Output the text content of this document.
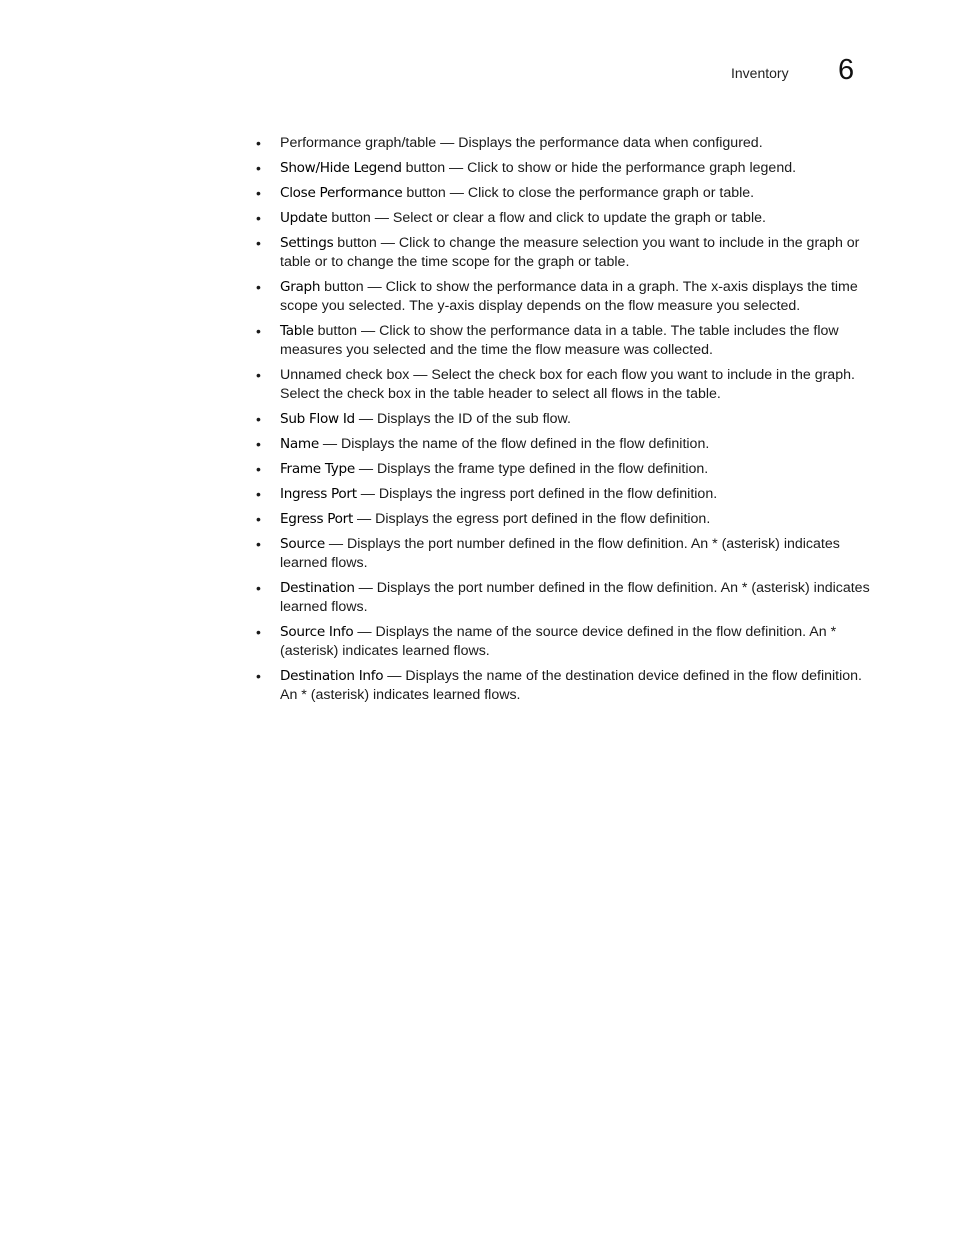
Inventory 6
• Performance graph/table — Displays the performance data when configured.
• Show/Hide Legend button — Click to show or hide the performance graph legend.
• Close Performance button — Click to close the performance graph or table.
• Update button — Select or clear a flow and click to update the graph or table.
• Settings button — Click to change the measure selection you want to include in the graph or table or to change the time scope for the graph or table.
• Graph button — Click to show the performance data in a graph. The x-axis displays the time scope you selected. The y-axis display depends on the flow measure you selected.
• Table button — Click to show the performance data in a table. The table includes the flow measures you selected and the time the flow measure was collected.
• Unnamed check box — Select the check box for each flow you want to include in the graph. Select the check box in the table header to select all flows in the table.
• Sub Flow Id — Displays the ID of the sub flow.
• Name — Displays the name of the flow defined in the flow definition.
• Frame Type — Displays the frame type defined in the flow definition.
• Ingress Port — Displays the ingress port defined in the flow definition.
• Egress Port — Displays the egress port defined in the flow definition.
• Source — Displays the port number defined in the flow definition. An * (asterisk) indicates learned flows.
• Destination — Displays the port number defined in the flow definition. An * (asterisk) indicates learned flows.
• Source Info — Displays the name of the source device defined in the flow definition. An * (asterisk) indicates learned flows.
• Destination Info — Displays the name of the destination device defined in the flow definition. An * (asterisk) indicates learned flows.
